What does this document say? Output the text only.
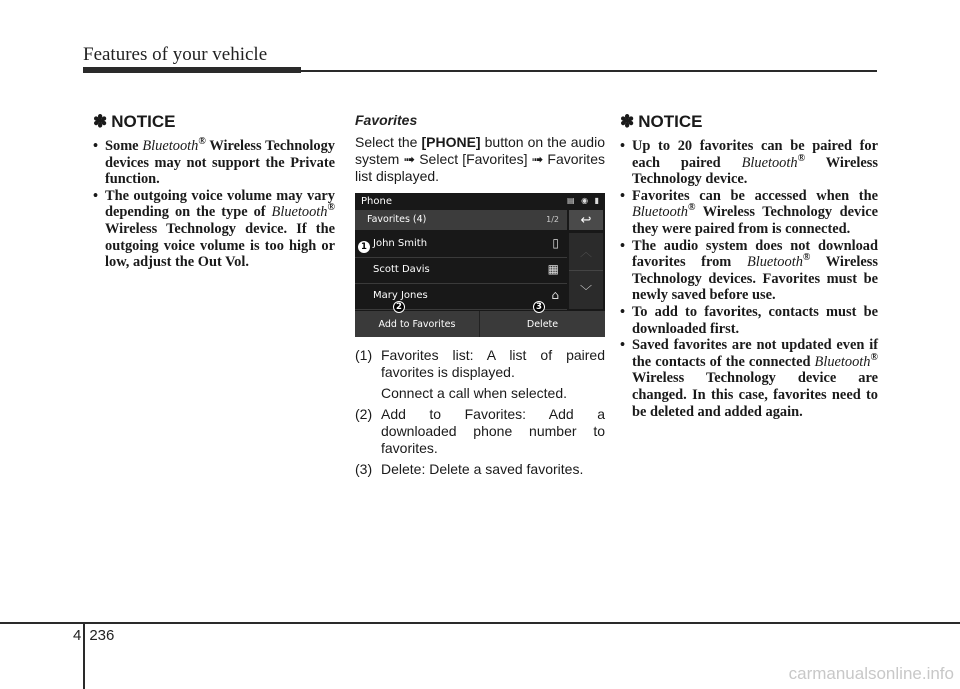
Features of your vehicle
✽ NOTICE
• Some Bluetooth® Wireless Technology devices may not support the Private function.
• The outgoing voice volume may vary depending on the type of Bluetooth® Wireless Technology device. If the outgoing voice volume is too high or low, adjust the Out Vol.
Favorites

Select the [PHONE] button on the audio system ➟ Select [Favorites] ➟ Favorites list displayed.

Phone	▤ ◉ ▮
Favorites (4)	1/2 ↩
John Smith	▯
Scott Davis	▦
Mary Jones	⌂
︿
﹀
Add to Favorites	Delete
1
2	3
(1) Favorites list: A list of paired favorites is displayed.
Connect a call when selected.
(2) Add to Favorites: Add a downloaded phone number to favorites.
(3) Delete: Delete a saved favorites.
✽ NOTICE
• Up to 20 favorites can be paired for each paired Bluetooth® Wireless Technology device.
• Favorites can be accessed when the Bluetooth® Wireless Technology device they were paired from is connected.
• The audio system does not download favorites from Bluetooth® Wireless Technology devices. Favorites must be newly saved before use.
• To add to favorites, contacts must be downloaded first.
• Saved favorites are not updated even if the contacts of the connected Bluetooth® Wireless Technology device are changed. In this case, favorites need to be deleted and added again.
4 236
carmanualsonline.info
